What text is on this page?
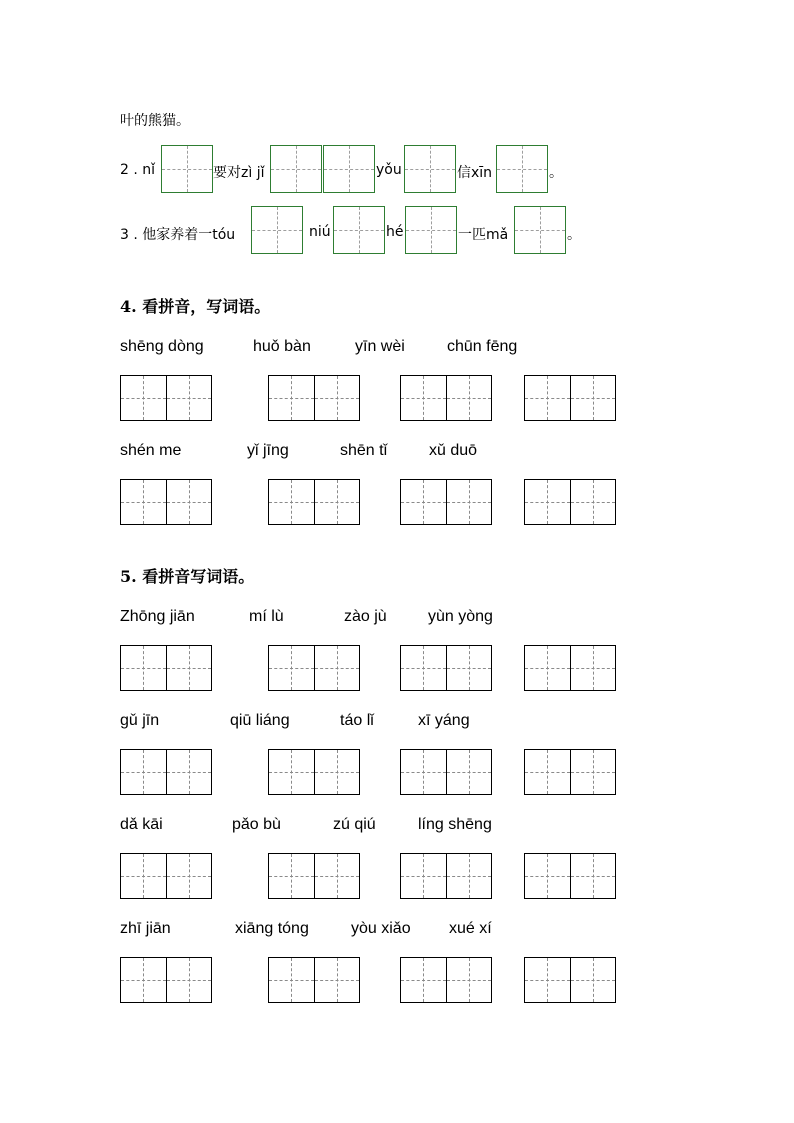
叶的熊猫。
2 . nǐ	要对zì jǐ	yǒu	信xīn	。
3 . 他家养着一tóu	niú	hé	一匹mǎ	。
4. 看拼音，写词语。
shēng dòng	huǒ bàn	yīn wèi	chūn fēng
shén me	yǐ jīng	shēn tǐ	xǔ duō
5. 看拼音写词语。
Zhōng jiān	mí lù	zào jù	yùn yòng
gǔ jīn	qiū liáng	táo lǐ	xī yáng
dǎ kāi	pǎo bù	zú qiú	líng shēng
zhī jiān	xiāng tóng	yòu xiǎo xué xí
